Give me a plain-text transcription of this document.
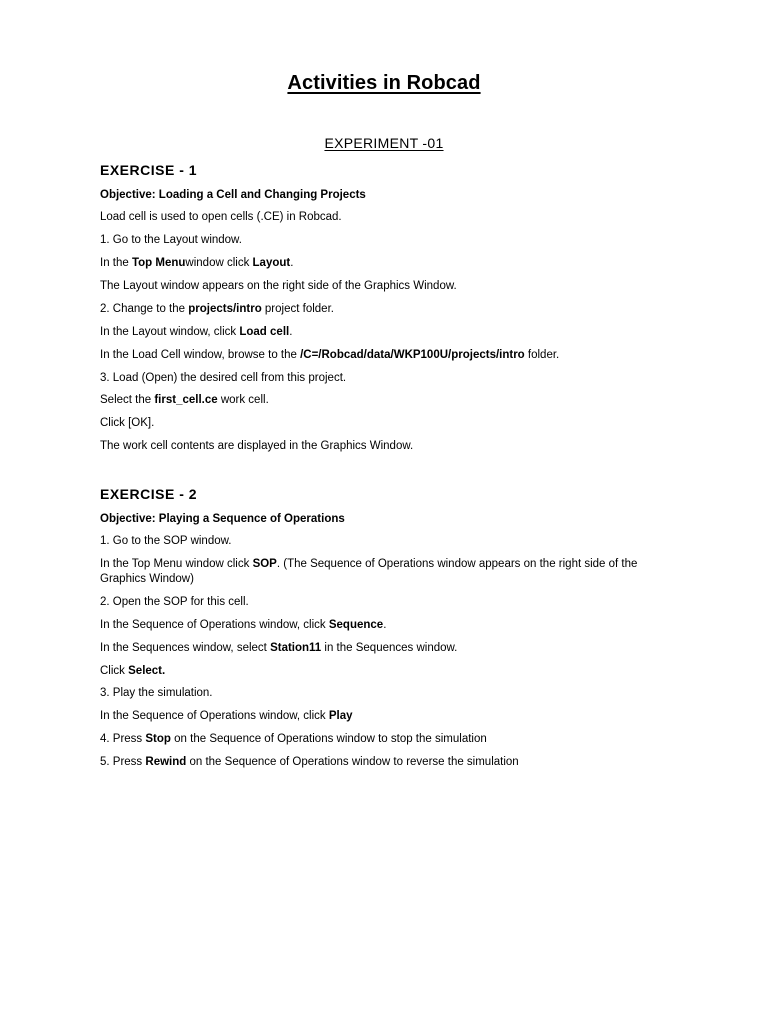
Activities in Robcad
EXPERIMENT -01
EXERCISE - 1
Objective: Loading a Cell and Changing Projects
Load cell is used to open cells (.CE) in Robcad.
1. Go to the Layout window.
In the Top Menuwindow click Layout.
The Layout window appears on the right side of the Graphics Window.
2. Change to the projects/intro project folder.
In the Layout window, click Load cell.
In the Load Cell window, browse to the /C=/Robcad/data/WKP100U/projects/intro folder.
3. Load (Open) the desired cell from this project.
Select the first_cell.ce work cell.
Click [OK].
The work cell contents are displayed in the Graphics Window.
EXERCISE - 2
Objective: Playing a Sequence of Operations
1. Go to the SOP window.
In the Top Menu window click SOP. (The Sequence of Operations window appears on the right side of the Graphics Window)
2. Open the SOP for this cell.
In the Sequence of Operations window, click Sequence.
In the Sequences window, select Station11 in the Sequences window.
Click Select.
3. Play the simulation.
In the Sequence of Operations window, click Play
4. Press Stop on the Sequence of Operations window to stop the simulation
5. Press Rewind on the Sequence of Operations window to reverse the simulation
